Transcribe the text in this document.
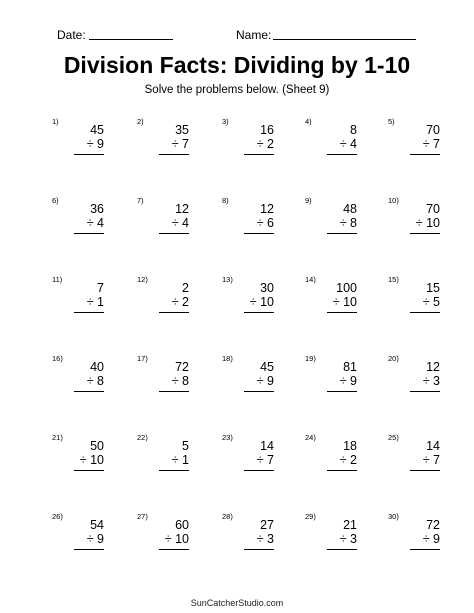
Date:	Name:
Division Facts: Dividing by 1-10
Solve the problems below. (Sheet 9)
1)
45
÷ 9
2)
35
÷ 7
3)
16
÷ 2
4)
8
÷ 4
5)
70
÷ 7
6)
36
÷ 4
7)
12
÷ 4
8)
12
÷ 6
9)
48
÷ 8
10)
70
÷ 10
11)
7
÷ 1
12)
2
÷ 2
13)
30
÷ 10
14)
100
÷ 10
15)
15
÷ 5
16)
40
÷ 8
17)
72
÷ 8
18)
45
÷ 9
19)
81
÷ 9
20)
12
÷ 3
21)
50
÷ 10
22)
5
÷ 1
23)
14
÷ 7
24)
18
÷ 2
25)
14
÷ 7
26)
54
÷ 9
27)
60
÷ 10
28)
27
÷ 3
29)
21
÷ 3
30)
72
÷ 9
SunCatcherStudio.com
